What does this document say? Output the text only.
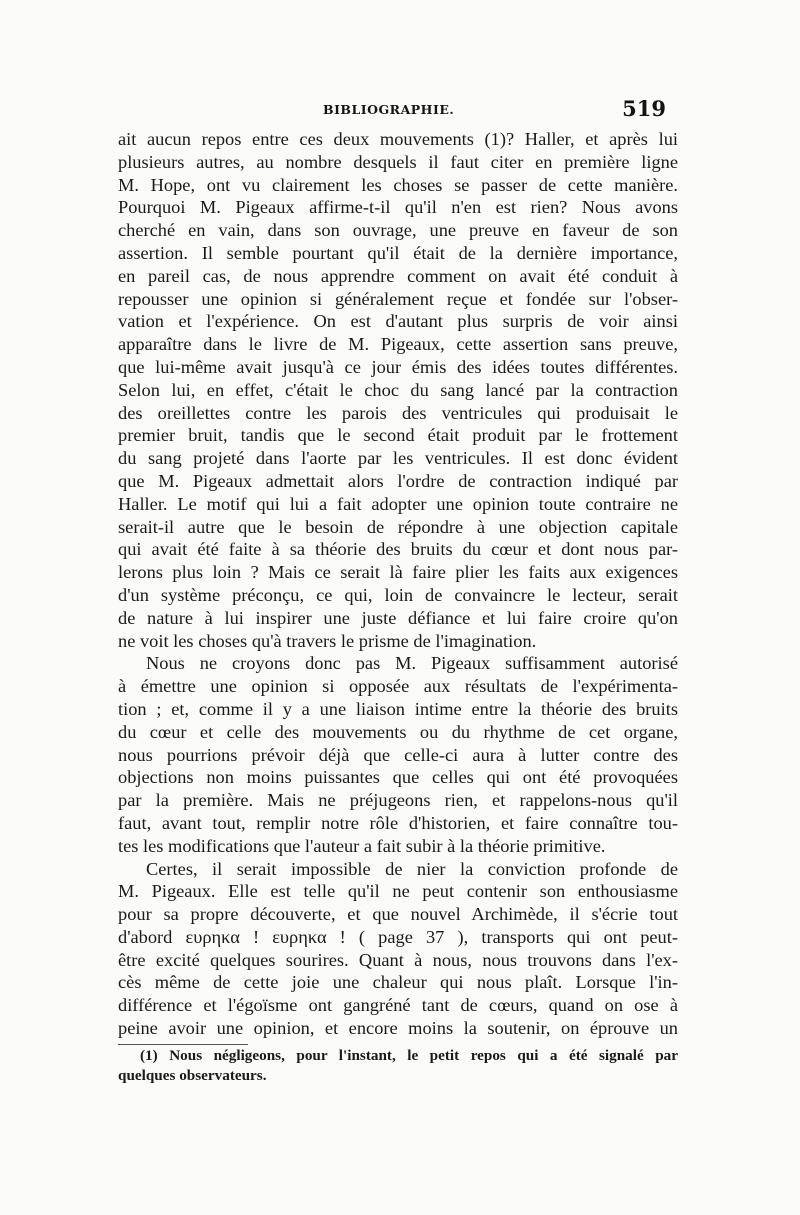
BIBLIOGRAPHIE.	519
ait aucun repos entre ces deux mouvements (1)? Haller, et après lui
plusieurs autres, au nombre desquels il faut citer en première ligne
M. Hope, ont vu clairement les choses se passer de cette manière.
Pourquoi M. Pigeaux affirme-t-il qu'il n'en est rien? Nous avons
cherché en vain, dans son ouvrage, une preuve en faveur de son
assertion. Il semble pourtant qu'il était de la dernière importance,
en pareil cas, de nous apprendre comment on avait été conduit à
repousser une opinion si généralement reçue et fondée sur l'obser-
vation et l'expérience. On est d'autant plus surpris de voir ainsi
apparaître dans le livre de M. Pigeaux, cette assertion sans preuve,
que lui-même avait jusqu'à ce jour émis des idées toutes différentes.
Selon lui, en effet, c'était le choc du sang lancé par la contraction
des oreillettes contre les parois des ventricules qui produisait le
premier bruit, tandis que le second était produit par le frottement
du sang projeté dans l'aorte par les ventricules. Il est donc évident
que M. Pigeaux admettait alors l'ordre de contraction indiqué par
Haller. Le motif qui lui a fait adopter une opinion toute contraire ne
serait-il autre que le besoin de répondre à une objection capitale
qui avait été faite à sa théorie des bruits du cœur et dont nous par-
lerons plus loin ? Mais ce serait là faire plier les faits aux exigences
d'un système préconçu, ce qui, loin de convaincre le lecteur, serait
de nature à lui inspirer une juste défiance et lui faire croire qu'on
ne voit les choses qu'à travers le prisme de l'imagination.
Nous ne croyons donc pas M. Pigeaux suffisamment autorisé
à émettre une opinion si opposée aux résultats de l'expérimenta-
tion ; et, comme il y a une liaison intime entre la théorie des bruits
du cœur et celle des mouvements ou du rhythme de cet organe,
nous pourrions prévoir déjà que celle-ci aura à lutter contre des
objections non moins puissantes que celles qui ont été provoquées
par la première. Mais ne préjugeons rien, et rappelons-nous qu'il
faut, avant tout, remplir notre rôle d'historien, et faire connaître tou-
tes les modifications que l'auteur a fait subir à la théorie primitive.
Certes, il serait impossible de nier la conviction profonde de
M. Pigeaux. Elle est telle qu'il ne peut contenir son enthousiasme
pour sa propre découverte, et que nouvel Archimède, il s'écrie tout
d'abord ευρηκα ! ευρηκα ! ( page 37 ), transports qui ont peut-
être excité quelques sourires. Quant à nous, nous trouvons dans l'ex-
cès même de cette joie une chaleur qui nous plaît. Lorsque l'in-
différence et l'égoïsme ont gangréné tant de cœurs, quand on ose à
peine avoir une opinion, et encore moins la soutenir, on éprouve un
(1) Nous négligeons, pour l'instant, le petit repos qui a été signalé par
quelques observateurs.
